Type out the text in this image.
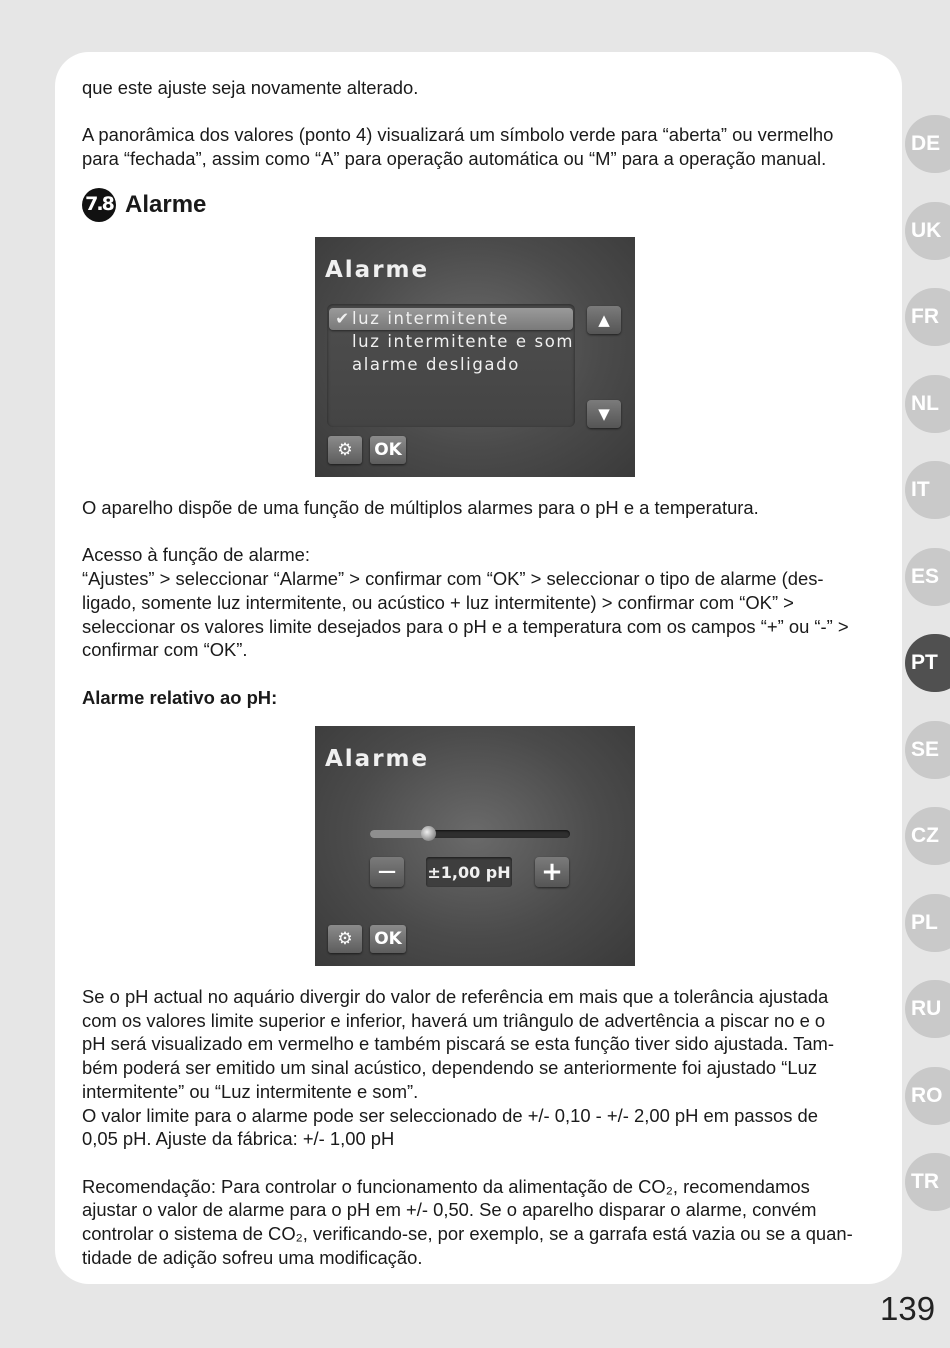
DE
UK
FR
NL
IT
ES
PT
SE
CZ
PL
RU
RO
TR
139

que este ajuste seja novamente alterado.

A panorâmica dos valores (ponto 4) visualizará um símbolo verde para “aberta” ou vermelho

para “fechada”, assim como “A” para operação automática ou “M” para a operação manual.

7.8 Alarme
Alarme
✔luz intermitente
luz intermitente e som
alarme desligado
▲
▼
⚙ OK

O aparelho dispõe de uma função de múltiplos alarmes para o pH e a temperatura.

Acesso à função de alarme:

“Ajustes” > seleccionar “Alarme” > confirmar com “OK” > seleccionar o tipo de alarme (des-

ligado, somente luz intermitente, ou acústico + luz intermitente) > confirmar com “OK” >

seleccionar os valores limite desejados para o pH e a temperatura com os campos “+” ou “-” >

confirmar com “OK”.

Alarme relativo ao pH:

Alarme
− ±1,00 pH +
⚙ OK

Se o pH actual no aquário divergir do valor de referência em mais que a tolerância ajustada

com os valores limite superior e inferior, haverá um triângulo de advertência a piscar no e o

pH será visualizado em vermelho e também piscará se esta função tiver sido ajustada. Tam-

bém poderá ser emitido um sinal acústico, dependendo se anteriormente foi ajustado “Luz

intermitente” ou “Luz intermitente e som”.

O valor limite para o alarme pode ser seleccionado de +/- 0,10 - +/- 2,00 pH em passos de

0,05 pH. Ajuste da fábrica: +/- 1,00 pH

Recomendação: Para controlar o funcionamento da alimentação de CO₂, recomendamos

ajustar o valor de alarme para o pH em +/- 0,50. Se o aparelho disparar o alarme, convém

controlar o sistema de CO₂, verificando-se, por exemplo, se a garrafa está vazia ou se a quan-

tidade de adição sofreu uma modificação.
